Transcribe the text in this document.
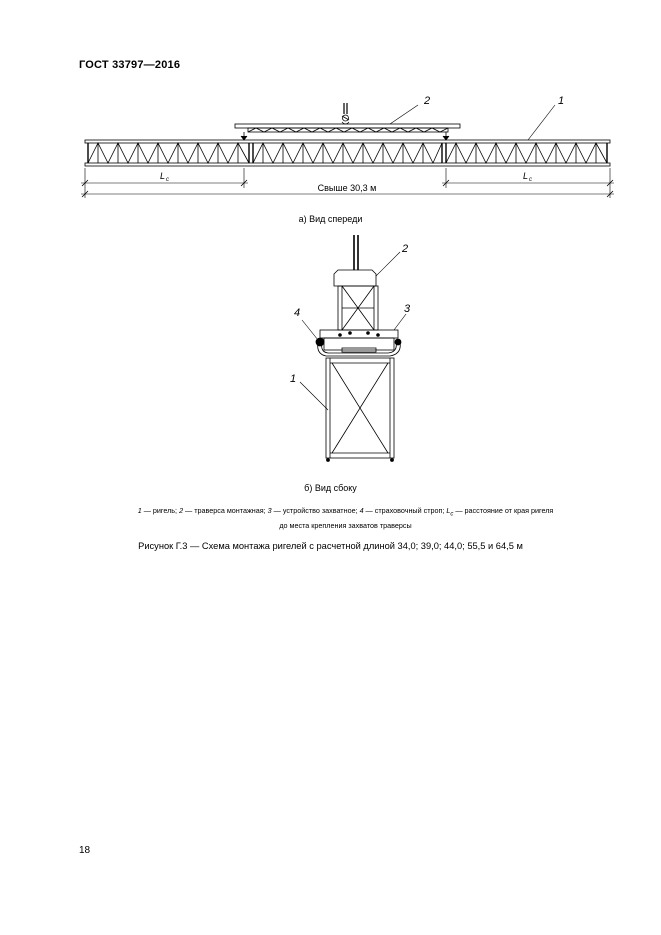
ГОСТ 33797—2016
2	1
L c	L c
Свыше 30,3 м
а) Вид спереди
2
3
4
1
б) Вид сбоку
1 — ригель; 2 — траверса монтажная; 3 — устройство захватное; 4 — страховочный строп; $L_c$ — расстояние от края ригеля
до места крепления захватов траверсы
Рисунок Г.3 — Схема монтажа ригелей с расчетной длиной 34,0; 39,0; 44,0; 55,5 и 64,5 м
18
